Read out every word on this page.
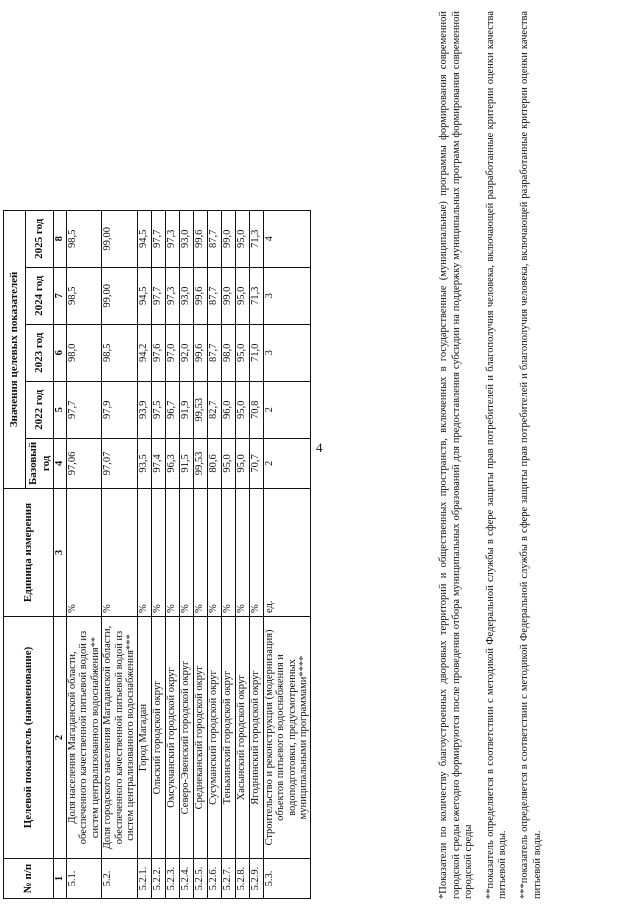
4
№ п/п	Целевой показатель (наименование)	Единица измерения	Значения целевых показателей				
			Базовый год	2022 год	2023 год	2024 год	2025 год
1	2	3	4	5	6	7	8
5.1.	Доля населения Магаданской области, обеспеченного качественной питьевой водой из систем централизованного водоснабжения**	%	97,06	97,7	98,0	98,5	98,5
5.2.	Доля городского населения Магаданской области, обеспеченного качественной питьевой водой из систем централизованного водоснабжения***	%	97,07	97,9	98,5	99,00	99,00
5.2.1.	Город Магадан	%	93,5	93,9	94,2	94,5	94,5
5.2.2.	Ольский городской округ	%	97,4	97,5	97,6	97,7	97,7
5.2.3.	Омсукчанский городской округ	%	96,3	96,7	97,0	97,3	97,3
5.2.4.	Северо-Эвенский городской округ	%	91,5	91,9	92,0	93,0	93,0
5.2.5.	Среднеканский городской округ	%	99,53	99,53	99,6	99,6	99,6
5.2.6.	Сусуманский городской округ	%	80,6	82,7	87,7	87,7	87,7
5.2.7.	Тенькинский городской округ	%	95,0	96,0	98,0	99,0	99,0
5.2.8.	Хасынский городской округ	%	95,0	95,0	95,0	95,0	95,0
5.2.9.	Ягоднинский городской округ	%	70,7	70,8	71,0	71,3	71,3
5.3.	Строительство и реконструкция (модернизация) объектов питьевого водоснабжения и водоподготовки, предусмотренных муниципальными программами****	ед.	2	2	3	3	4	*Показатели по количеству благоустроенных дворовых территорий и общественных пространств, включенных в государственные (муниципальные) программы формирования современной городской среды ежегодно формируются после проведения отбора муниципальных образований для предоставления субсидии на поддержку муниципальных программ формирования современной городской среды **показатель определяется в соответствии с методикой Федеральной службы в сфере защиты прав потребителей и благополучия человека, включающей разработанные критерии оценки качества питьевой воды. ***показатель определяется в соответствии с методикой Федеральной службы в сфере защиты прав потребителей и благополучия человека, включающей разработанные критерии оценки качества питьевой воды.
